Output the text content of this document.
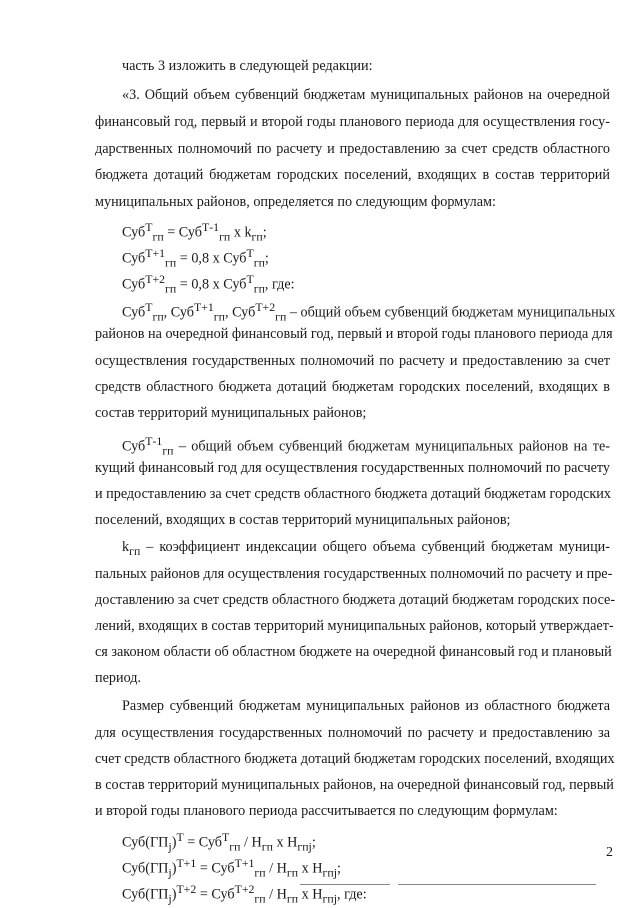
часть 3 изложить в следующей редакции:
«3. Общий объем субвенций бюджетам муниципальных районов на очередной
финансовый год, первый и второй годы планового периода для осуществления госу-
дарственных полномочий по расчету и предоставлению за счет средств областного
бюджета дотаций бюджетам городских поселений, входящих в состав территорий
муниципальных районов, определяется по следующим формулам:
Суб$^Т_{гп}$ = Суб$^{Т-1}_{гп}$ x $k_{гп}$;
Суб$^{Т+1}_{гп}$ = 0,8 x Суб$^Т_{гп}$;
Суб$^{Т+2}_{гп}$ = 0,8 x Суб$^Т_{гп}$, где:
Суб$^Т_{гп}$, Суб$^{Т+1}_{гп}$, Суб$^{Т+2}_{гп}$ – общий объем субвенций бюджетам муниципальных
районов на очередной финансовый год, первый и второй годы планового периода для
осуществления государственных полномочий по расчету и предоставлению за счет
средств областного бюджета дотаций бюджетам городских поселений, входящих в
состав территорий муниципальных районов;
Суб$^{Т-1}_{гп}$ – общий объем субвенций бюджетам муниципальных районов на те-
кущий финансовый год для осуществления государственных полномочий по расчету
и предоставлению за счет средств областного бюджета дотаций бюджетам городских
поселений, входящих в состав территорий муниципальных районов;
$k_{гп}$ – коэффициент индексации общего объема субвенций бюджетам муници-
пальных районов для осуществления государственных полномочий по расчету и пре-
доставлению за счет средств областного бюджета дотаций бюджетам городских посе-
лений, входящих в состав территорий муниципальных районов, который утверждает-
ся законом области об областном бюджете на очередной финансовый год и плановый
период.
Размер субвенций бюджетам муниципальных районов из областного бюджета
для осуществления государственных полномочий по расчету и предоставлению за
счет средств областного бюджета дотаций бюджетам городских поселений, входящих
в состав территорий муниципальных районов, на очередной финансовый год, первый
и второй годы планового периода рассчитывается по следующим формулам:
$Суб(ГП_j)^Т = Суб^Т_{гп} / Н_{гп}$ x $Н_{гпj}$;
$Суб(ГП_j)^{Т+1} = Суб^{Т+1}_{гп} / Н_{гп}$ x $Н_{гпj}$;
$Суб(ГП_j)^{Т+2} = Суб^{Т+2}_{гп} / Н_{гп}$ x $Н_{гпj}$, где:
2
